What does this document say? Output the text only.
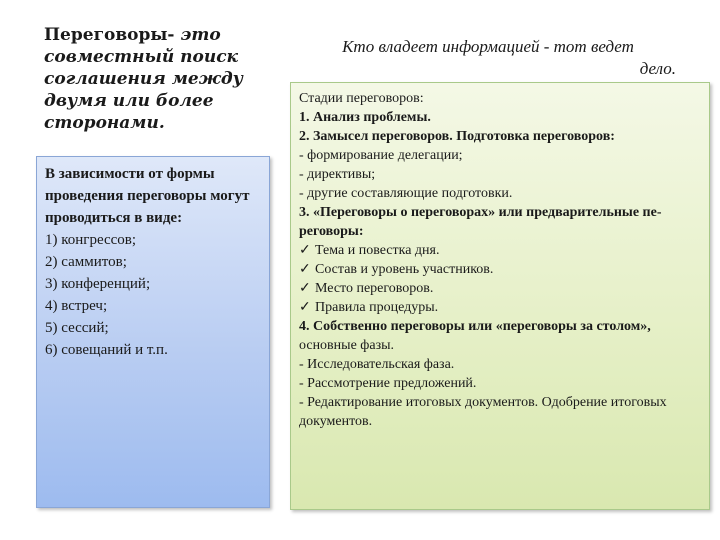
Переговоры- это совместный поиск соглашения между двумя или более сторонами.
В зависимости от формы проведения переговоры могут проводиться в виде:
1) конгрессов;
2) саммитов;
3) конференций;
4) встреч;
5) сессий;
6) совещаний и т.п.
Кто владеет информацией - тот ведет
дело.
Стадии переговоров:
1. Анализ проблемы.
2. Замысел переговоров. Подготовка переговоров:
- формирование делегации;
- директивы;
- другие составляющие подготовки.
3. «Переговоры о переговорах» или предварительные пе-реговоры:
✓ Тема и повестка дня.
✓ Состав и уровень участников.
✓ Место переговоров.
✓ Правила процедуры.
4. Собственно переговоры или «переговоры за столом», основные фазы.
- Исследовательская фаза.
- Рассмотрение предложений.
- Редактирование итоговых документов. Одобрение итоговых документов.
